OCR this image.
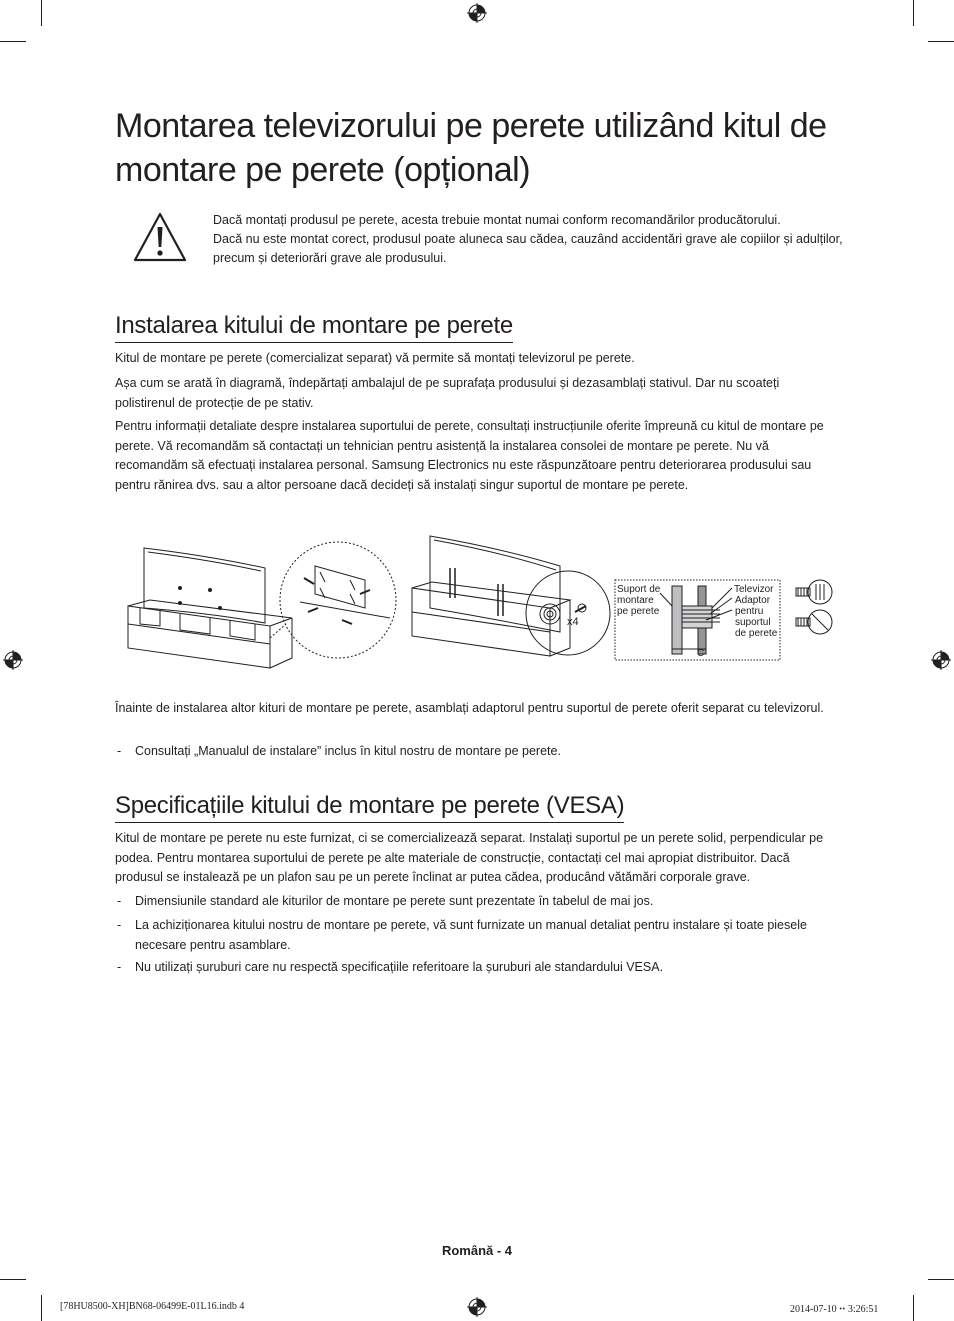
Montarea televizorului pe perete utilizând kitul de montare pe perete (opțional)

Dacă montați produsul pe perete, acesta trebuie montat numai conform recomandărilor producătorului.

Dacă nu este montat corect, produsul poate aluneca sau cădea, cauzând accidentări grave ale copiilor și adulților, precum și deteriorări grave ale produsului.

Instalarea kitului de montare pe perete

Kitul de montare pe perete (comercializat separat) vă permite să montați televizorul pe perete.

Așa cum se arată în diagramă, îndepărtați ambalajul de pe suprafața produsului și dezasamblați stativul. Dar nu scoateți polistirenul de protecție de pe stativ.

Pentru informații detaliate despre instalarea suportului de perete, consultați instrucțiunile oferite împreună cu kitul de montare pe perete. Vă recomandăm să contactați un tehnician pentru asistență la instalarea consolei de montare pe perete. Nu vă recomandăm să efectuați instalarea personal. Samsung Electronics nu este răspunzătoare pentru deteriorarea produsului sau pentru rănirea dvs. sau a altor persoane dacă decideți să instalați singur suportul de montare pe perete.

x4
Suport de montare pe perete
Televizor
Adaptor pentru suportul de perete
C

Înainte de instalarea altor kituri de montare pe perete, asamblați adaptorul pentru suportul de perete oferit separat cu televizorul.

- Consultați „Manualul de instalare” inclus în kitul nostru de montare pe perete.
Specificațiile kitului de montare pe perete (VESA)

Kitul de montare pe perete nu este furnizat, ci se comercializează separat. Instalați suportul pe un perete solid, perpendicular pe podea. Pentru montarea suportului de perete pe alte materiale de construcție, contactați cel mai apropiat distribuitor. Dacă produsul se instalează pe un plafon sau pe un perete înclinat ar putea cădea, producând vătămări corporale grave.

- Dimensiunile standard ale kiturilor de montare pe perete sunt prezentate în tabelul de mai jos.
- La achiziționarea kitului nostru de montare pe perete, vă sunt furnizate un manual detaliat pentru instalare și toate piesele necesare pentru asamblare.
- Nu utilizați șuruburi care nu respectă specificațiile referitoare la șuruburi ale standardului VESA.
Română - 4
[78HU8500-XH]BN68-06499E-01L16.indb 4	2014-07-10 ꞏꞏ 3:26:51
